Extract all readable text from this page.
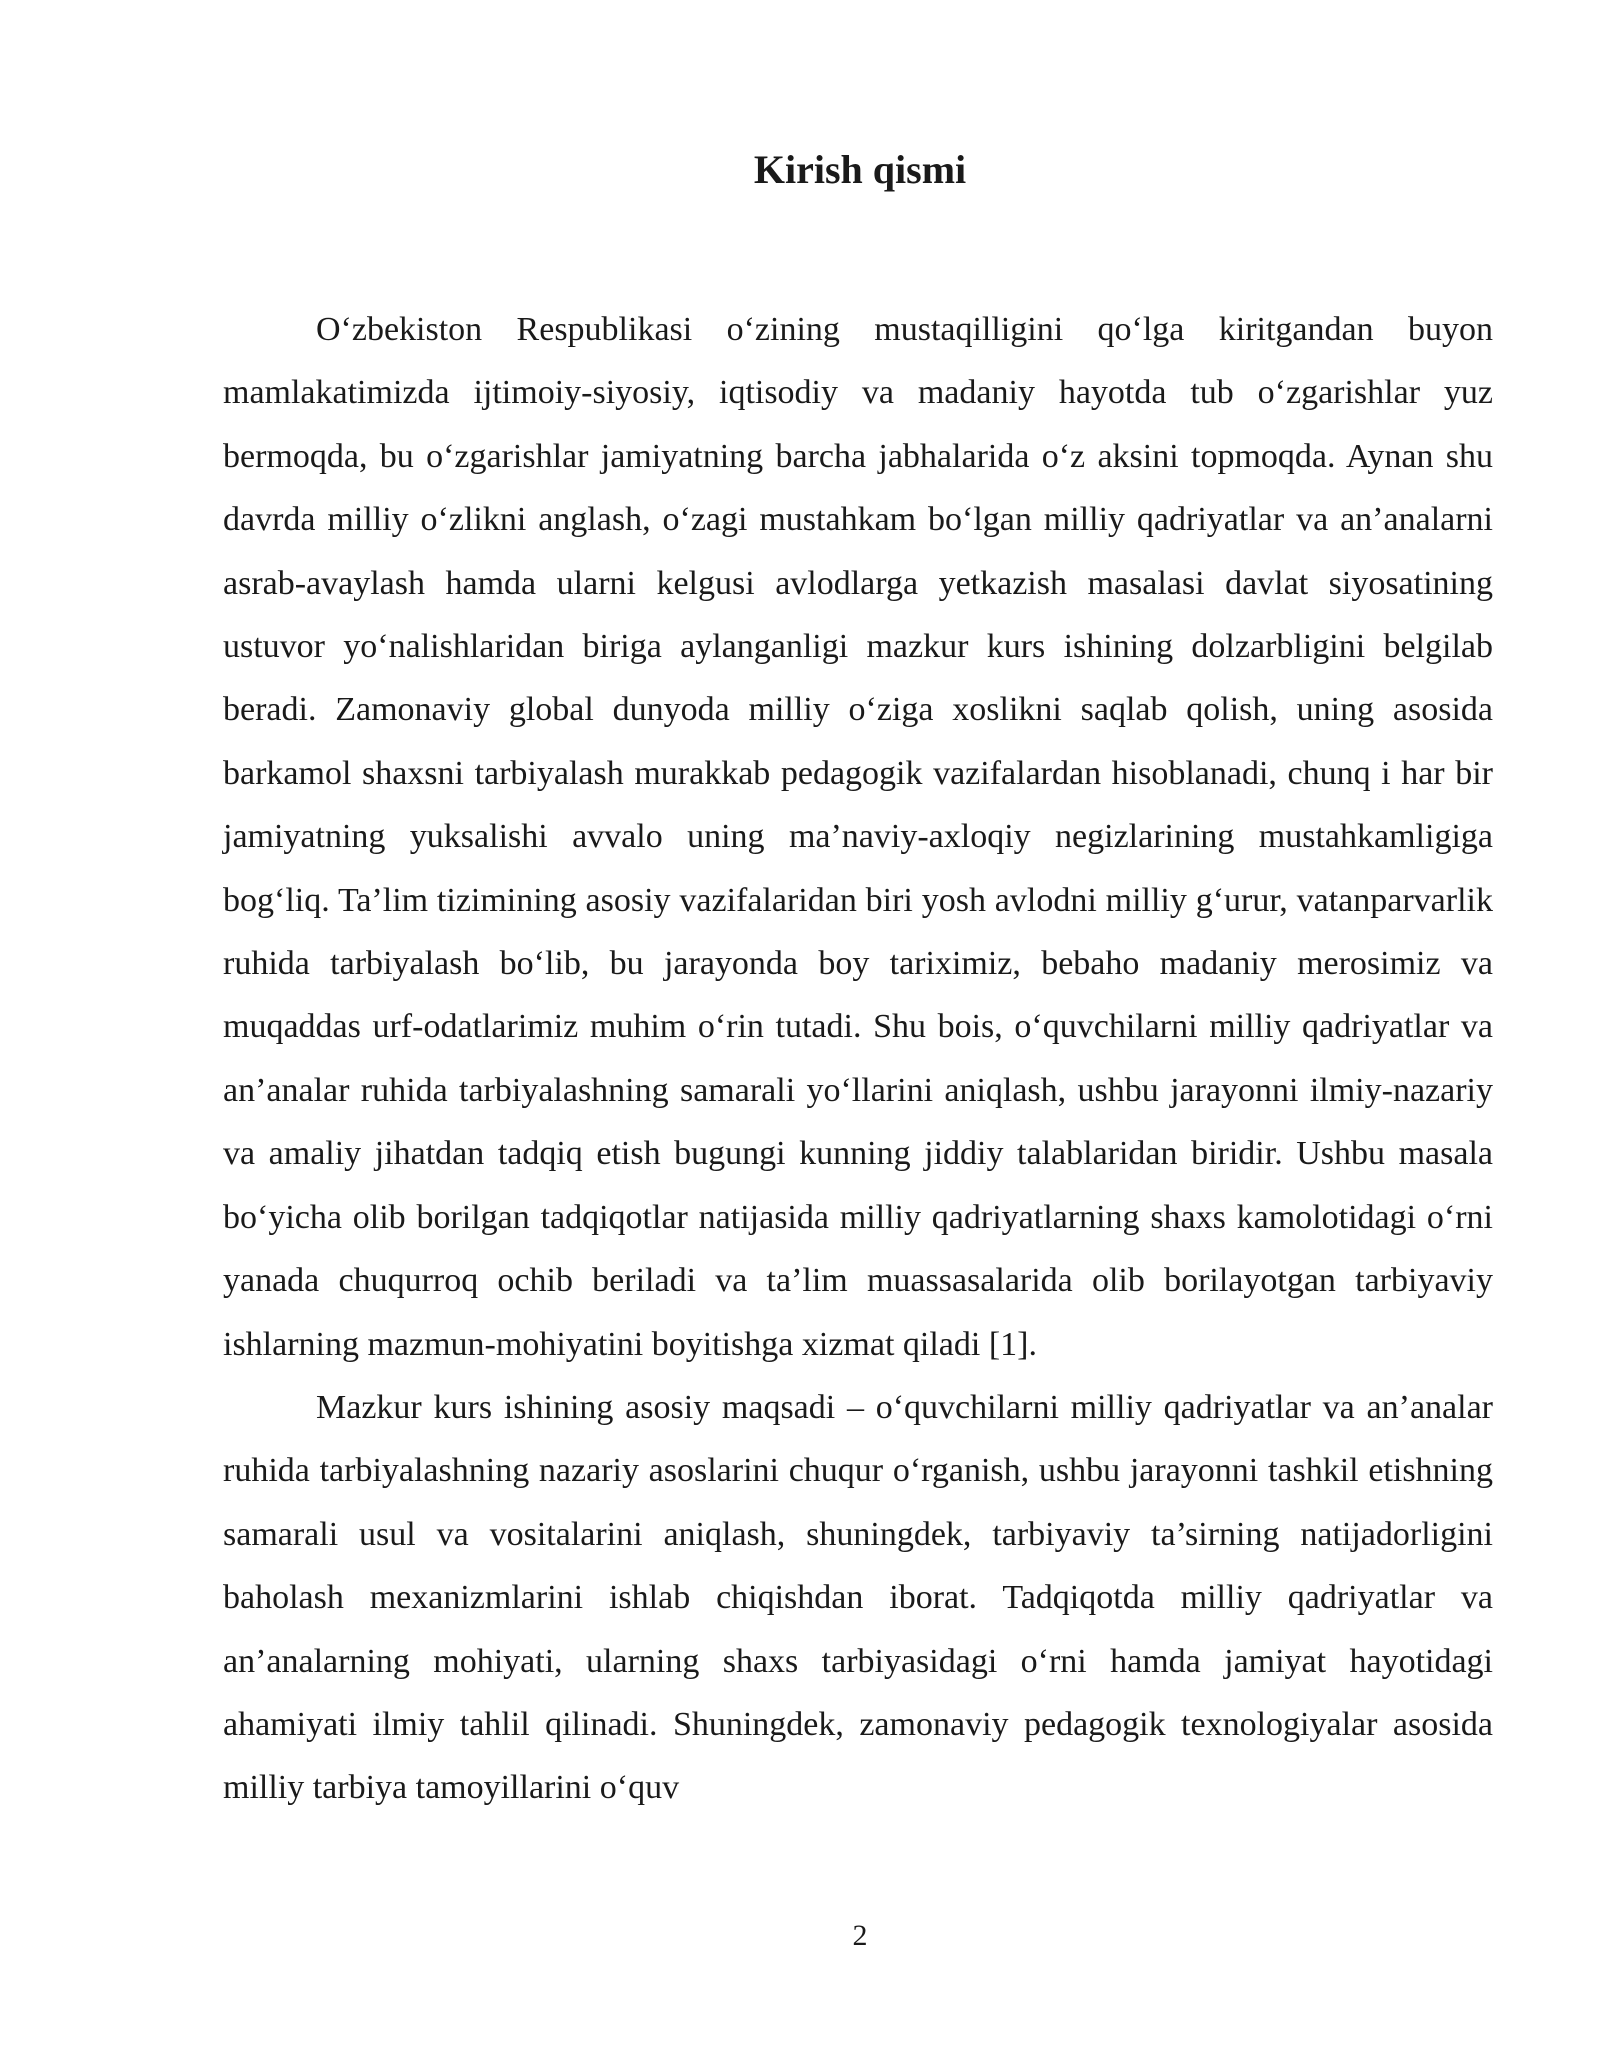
Kirish qismi

O‘zbekiston Respublikasi o‘zining mustaqilligini qo‘lga kiritgandan buyon mamlakatimizda ijtimoiy-siyosiy, iqtisodiy va madaniy hayotda tub o‘zgarishlar yuz bermoqda, bu o‘zgarishlar jamiyatning barcha jabhalarida o‘z aksini topmoqda. Aynan shu davrda milliy o‘zlikni anglash, o‘zagi mustahkam bo‘lgan milliy qadriyatlar va an’analarni asrab-avaylash hamda ularni kelgusi avlodlarga yetkazish masalasi davlat siyosatining ustuvor yo‘nalishlaridan biriga aylanganligi mazkur kurs ishining dolzarbligini belgilab beradi. Zamonaviy global dunyoda milliy o‘ziga xoslikni saqlab qolish, uning asosida barkamol shaxsni tarbiyalash murakkab pedagogik vazifalardan hisoblanadi, chunq i har bir jamiyatning yuksalishi avvalo uning ma’naviy-axloqiy negizlarining mustahkamligiga bog‘liq. Ta’lim tizimining asosiy vazifalaridan biri yosh avlodni milliy g‘urur, vatanparvarlik ruhida tarbiyalash bo‘lib, bu jarayonda boy tariximiz, bebaho madaniy merosimiz va muqaddas urf-odatlarimiz muhim o‘rin tutadi. Shu bois, o‘quvchilarni milliy qadriyatlar va an’analar ruhida tarbiyalashning samarali yo‘llarini aniqlash, ushbu jarayonni ilmiy-nazariy va amaliy jihatdan tadqiq etish bugungi kunning jiddiy talablaridan biridir. Ushbu masala bo‘yicha olib borilgan tadqiqotlar natijasida milliy qadriyatlarning shaxs kamolotidagi o‘rni yanada chuqurroq ochib beriladi va ta’lim muassasalarida olib borilayotgan tarbiyaviy ishlarning mazmun-mohiyatini boyitishga xizmat qiladi [1].

Mazkur kurs ishining asosiy maqsadi – o‘quvchilarni milliy qadriyatlar va an’analar ruhida tarbiyalashning nazariy asoslarini chuqur o‘rganish, ushbu jarayonni tashkil etishning samarali usul va vositalarini aniqlash, shuningdek, tarbiyaviy ta’sirning natijadorligini baholash mexanizmlarini ishlab chiqishdan iborat. Tadqiqotda milliy qadriyatlar va an’analarning mohiyati, ularning shaxs tarbiyasidagi o‘rni hamda jamiyat hayotidagi ahamiyati ilmiy tahlil qilinadi. Shuningdek, zamonaviy pedagogik texnologiyalar asosida milliy tarbiya tamoyillarini o‘quv

2
